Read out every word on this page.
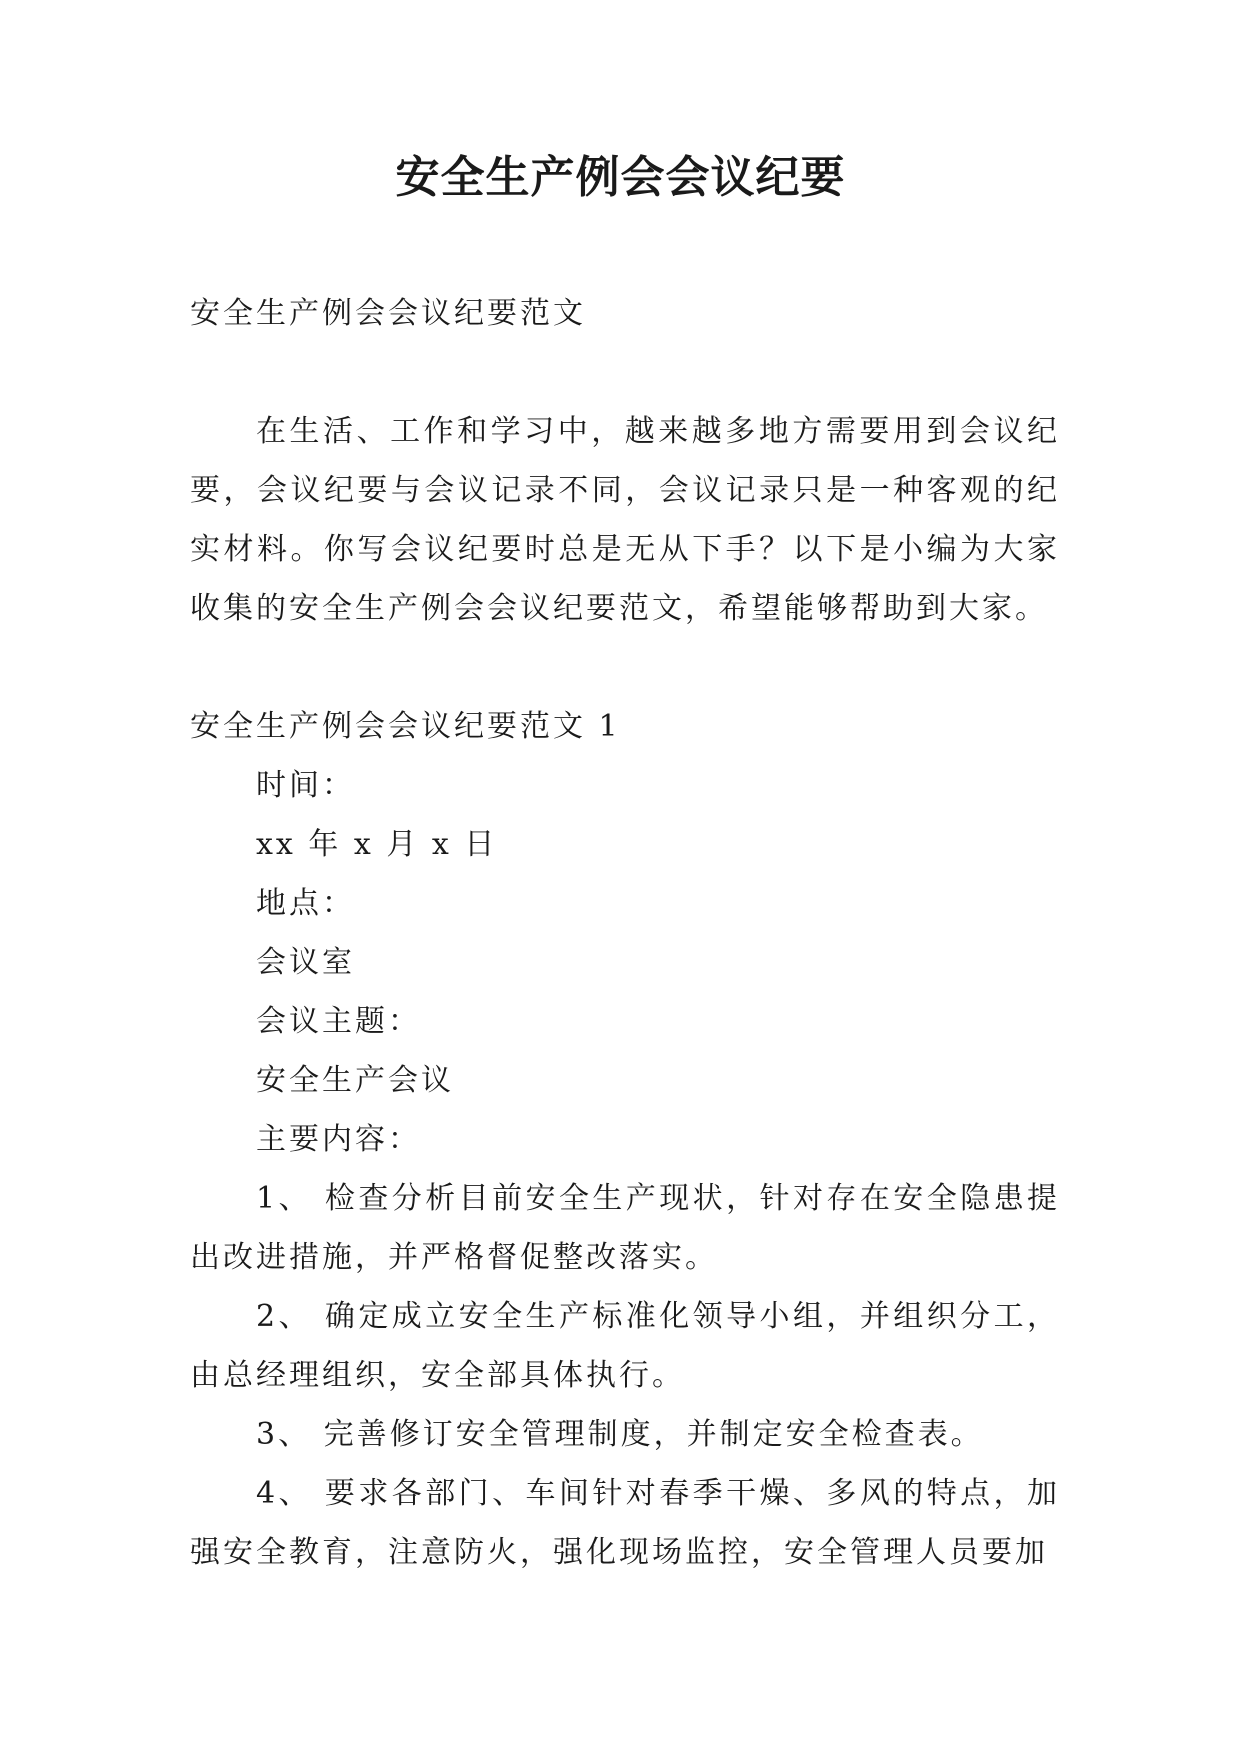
安全生产例会会议纪要

安全生产例会会议纪要范文

在生活、工作和学习中，越来越多地方需要用到会议纪要，会议纪要与会议记录不同，会议记录只是一种客观的纪实材料。你写会议纪要时总是无从下手？以下是小编为大家收集的安全生产例会会议纪要范文，希望能够帮助到大家。

安全生产例会会议纪要范文 1

时间：

xx 年 x 月 x 日

地点：

会议室

会议主题：

安全生产会议

主要内容：

1、 检查分析目前安全生产现状，针对存在安全隐患提出改进措施，并严格督促整改落实。

2、 确定成立安全生产标准化领导小组，并组织分工，由总经理组织，安全部具体执行。

3、 完善修订安全管理制度，并制定安全检查表。

4、 要求各部门、车间针对春季干燥、多风的特点，加强安全教育，注意防火，强化现场监控，安全管理人员要加
